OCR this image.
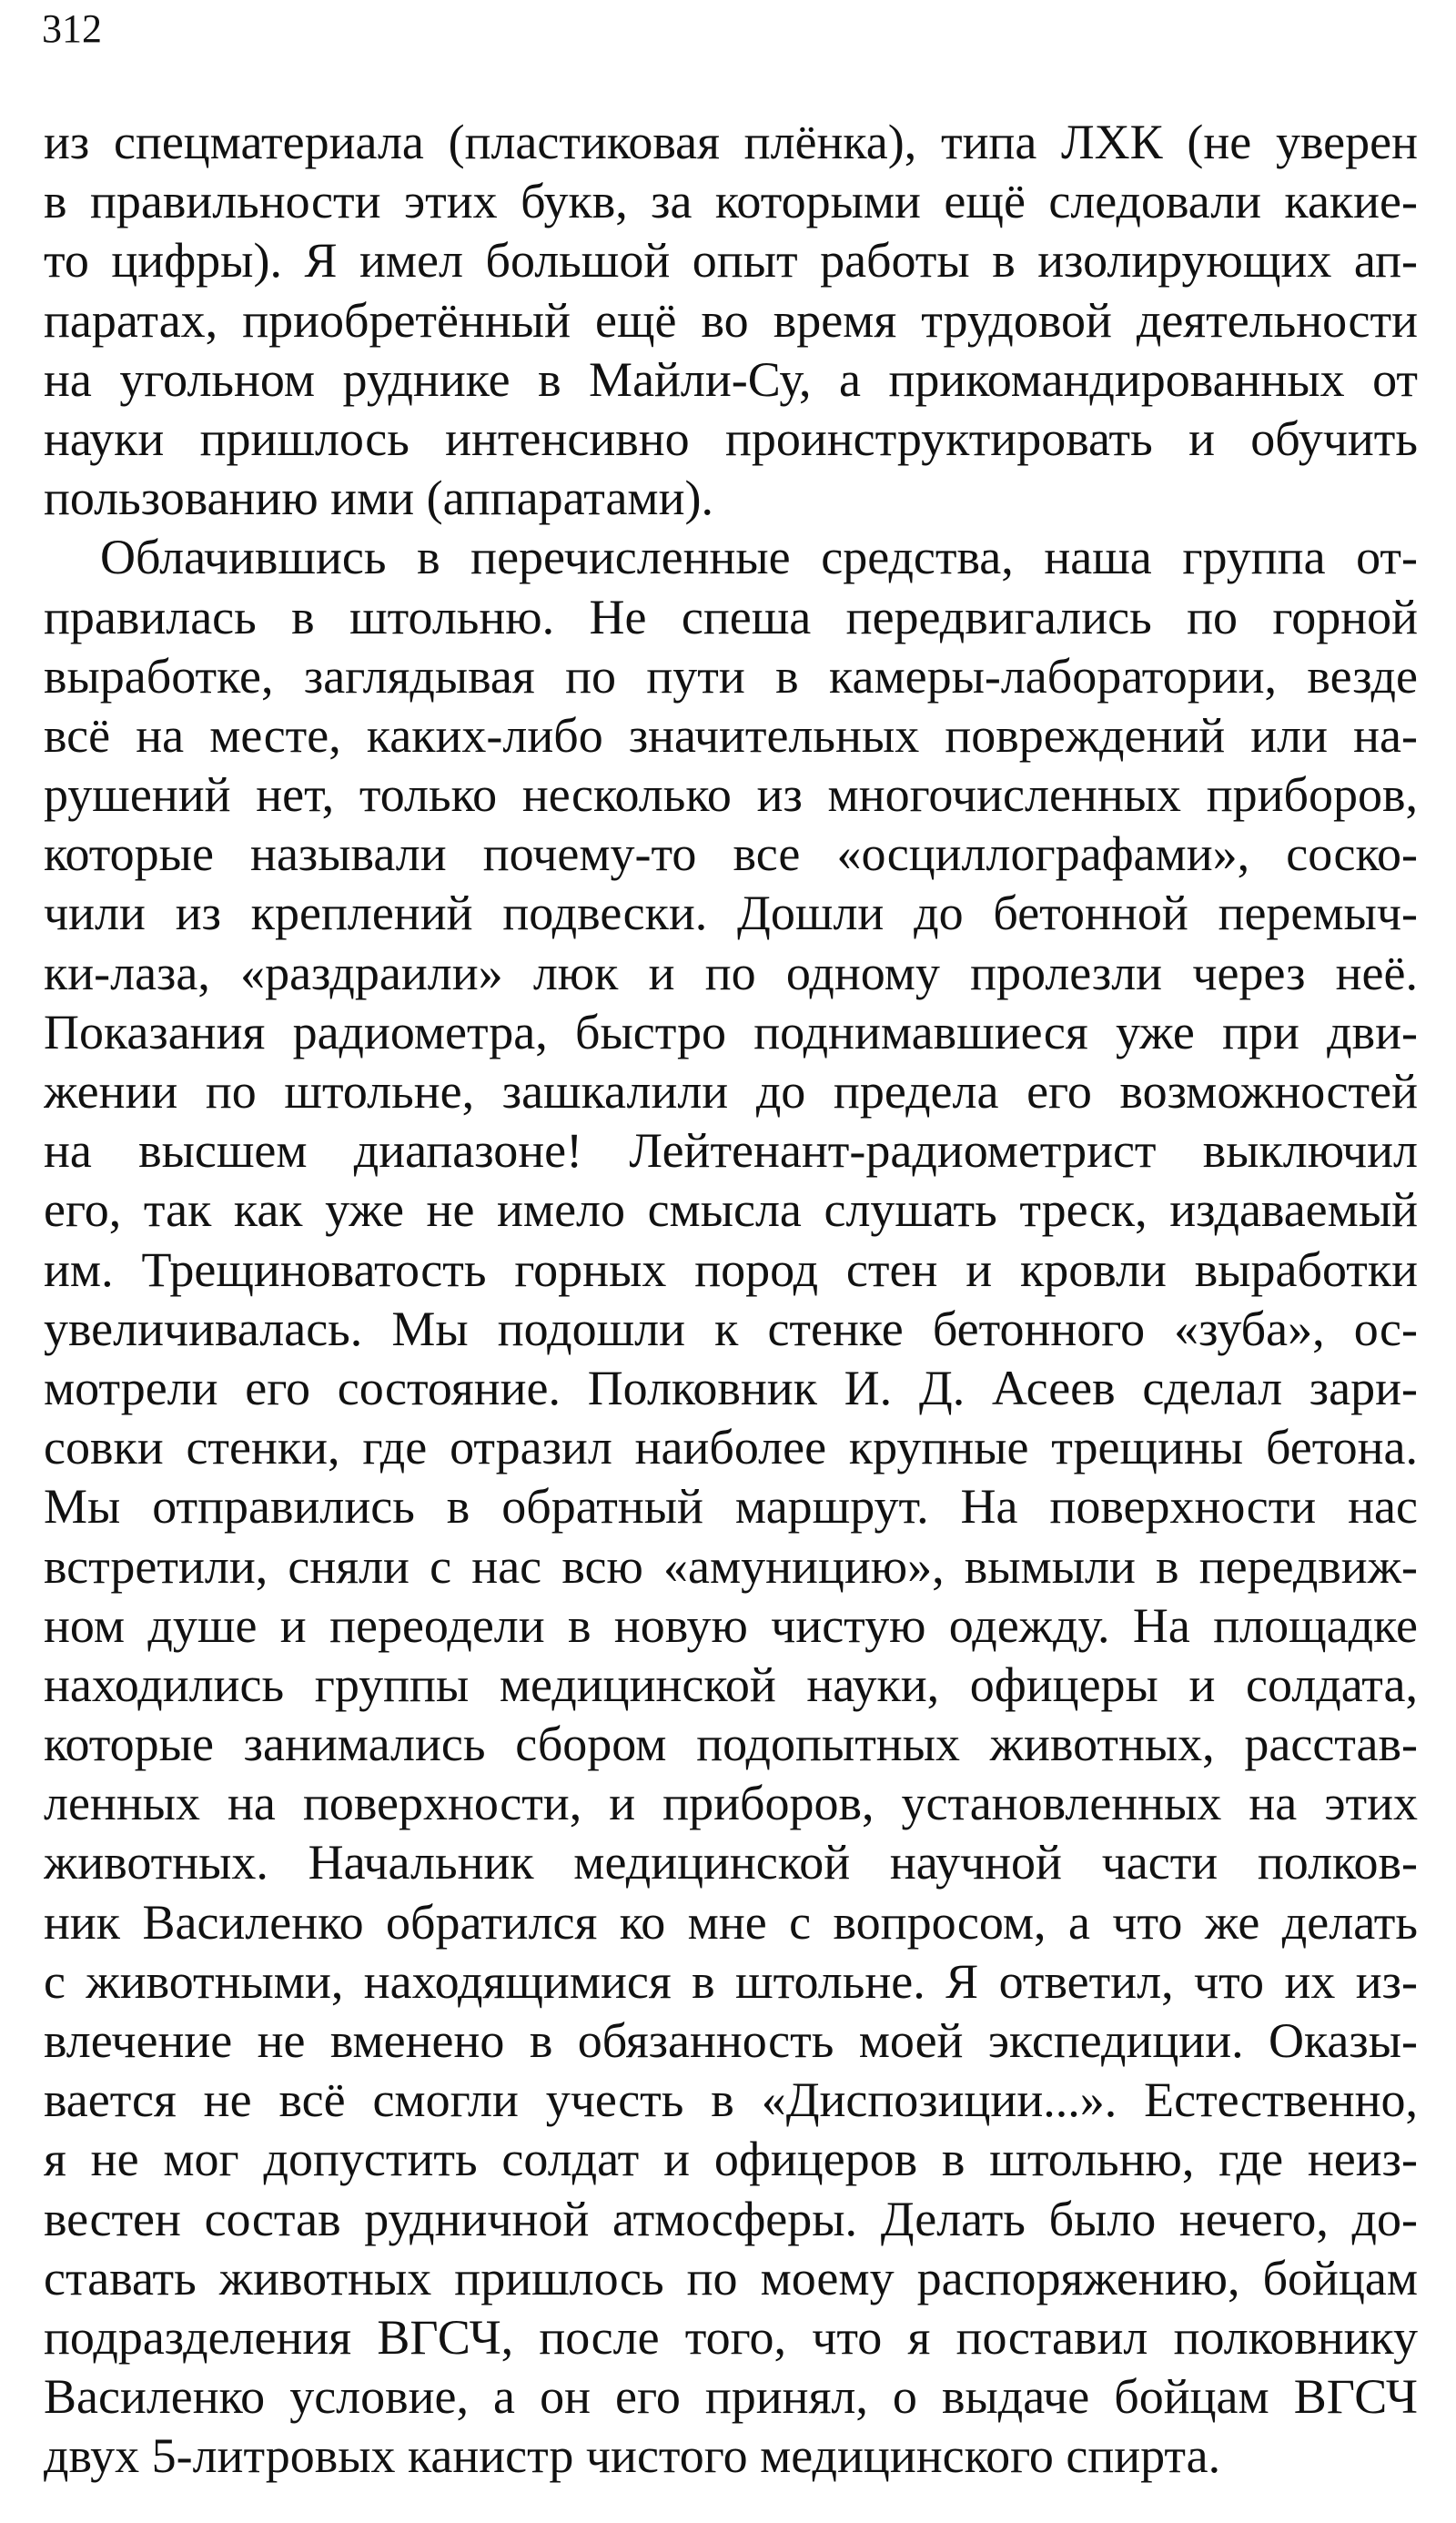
312
из спецматериала (пластиковая плёнка), типа ЛХК (не уверен
в правильности этих букв, за которыми ещё следовали какие-
то цифры). Я имел большой опыт работы в изолирующих ап-
паратах, приобретённый ещё во время трудовой деятельности
на угольном руднике в Майли-Су, а прикомандированных от
науки пришлось интенсивно проинструктировать и обучить
пользованию ими (аппаратами).
Облачившись в перечисленные средства, наша группа от-
правилась в штольню. Не спеша передвигались по горной
выработке, заглядывая по пути в камеры-лаборатории, везде
всё на месте, каких-либо значительных повреждений или на-
рушений нет, только несколько из многочисленных приборов,
которые называли почему-то все «осциллографами», соско-
чили из креплений подвески. Дошли до бетонной перемыч-
ки-лаза, «раздраили» люк и по одному пролезли через неё.
Показания радиометра, быстро поднимавшиеся уже при дви-
жении по штольне, зашкалили до предела его возможностей
на высшем диапазоне! Лейтенант-радиометрист выключил
его, так как уже не имело смысла слушать треск, издаваемый
им. Трещиноватость горных пород стен и кровли выработки
увеличивалась. Мы подошли к стенке бетонного «зуба», ос-
мотрели его состояние. Полковник И. Д. Асеев сделал зари-
совки стенки, где отразил наиболее крупные трещины бетона.
Мы отправились в обратный маршрут. На поверхности нас
встретили, сняли с нас всю «амуницию», вымыли в передвиж-
ном душе и переодели в новую чистую одежду. На площадке
находились группы медицинской науки, офицеры и солдата,
которые занимались сбором подопытных животных, расстав-
ленных на поверхности, и приборов, установленных на этих
животных. Начальник медицинской научной части полков-
ник Василенко обратился ко мне с вопросом, а что же делать
с животными, находящимися в штольне. Я ответил, что их из-
влечение не вменено в обязанность моей экспедиции. Оказы-
вается не всё смогли учесть в «Диспозиции...». Естественно,
я не мог допустить солдат и офицеров в штольню, где неиз-
вестен состав рудничной атмосферы. Делать было нечего, до-
ставать животных пришлось по моему распоряжению, бойцам
подразделения ВГСЧ, после того, что я поставил полковнику
Василенко условие, а он его принял, о выдаче бойцам ВГСЧ
двух 5-литровых канистр чистого медицинского спирта.
